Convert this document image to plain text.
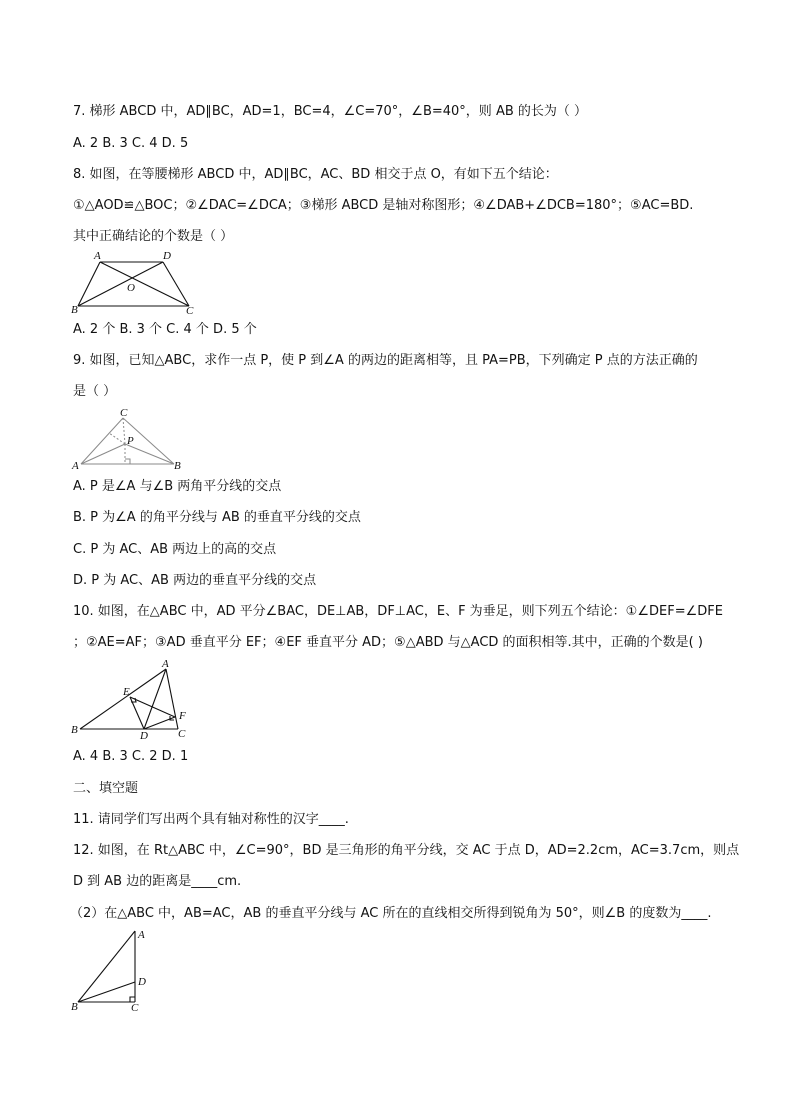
7. 梯形 ABCD 中，AD∥BC，AD=1，BC=4，∠C=70°，∠B=40°，则 AB 的长为（ ）
A. 2 B. 3 C. 4 D. 5
8. 如图，在等腰梯形 ABCD 中，AD∥BC，AC、BD 相交于点 O，有如下五个结论：
①△AOD≌△BOC；②∠DAC=∠DCA；③梯形 ABCD 是轴对称图形；④∠DAB+∠DCB=180°；⑤AC=BD.
其中正确结论的个数是（ ）
A	D
B	C
O
A. 2 个 B. 3 个 C. 4 个 D. 5 个
9. 如图，已知△ABC，求作一点 P，使 P 到∠A 的两边的距离相等，且 PA=PB，下列确定 P 点的方法正确的
是（ ）
A	B
C
P
A. P 是∠A 与∠B 两角平分线的交点
B. P 为∠A 的角平分线与 AB 的垂直平分线的交点
C. P 为 AC、AB 两边上的高的交点
D. P 为 AC、AB 两边的垂直平分线的交点
10. 如图，在△ABC 中，AD 平分∠BAC，DE⊥AB，DF⊥AC，E、F 为垂足，则下列五个结论：①∠DEF=∠DFE
；②AE=AF；③AD 垂直平分 EF；④EF 垂直平分 AD；⑤△ABD 与△ACD 的面积相等.其中，正确的个数是( )
A
B	C
D
E
F
A. 4 B. 3 C. 2 D. 1
二、填空题
11. 请同学们写出两个具有轴对称性的汉字____.
12. 如图，在 Rt△ABC 中，∠C=90°，BD 是三角形的角平分线，交 AC 于点 D，AD=2.2cm，AC=3.7cm，则点
D 到 AB 边的距离是____cm.
（2）在△ABC 中，AB=AC，AB 的垂直平分线与 AC 所在的直线相交所得到锐角为 50°，则∠B 的度数为____.
A
B	C
D
